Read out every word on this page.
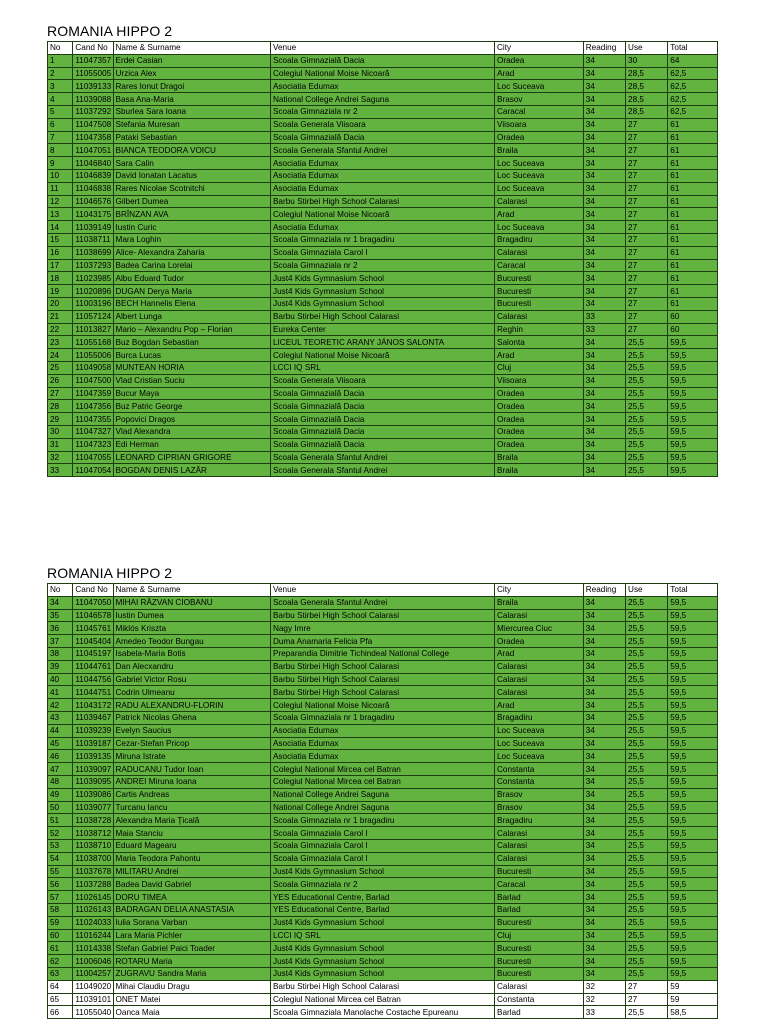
ROMANIA HIPPO 2
No	Cand No	Name & Surname	Venue	City	Reading	Use	Total
1	11047357	Erdei Casian	Scoala Gimnazială Dacia	Oradea	34	30	64
2	11055005	Urzica Alex	Colegiul National Moise Nicoară	Arad	34	28,5	62,5
3	11039133	Rares Ionut Dragoi	Asociatia Edumax	Loc Suceava	34	28,5	62,5
4	11039088	Basa Ana-Maria	National College Andrei Saguna	Brasov	34	28,5	62,5
5	11037292	Sburlea Sara Ioana	Scoala Gimnaziala nr 2	Caracal	34	28,5	62,5
6	11047508	Stefania Muresan	Scoala Generala Viisoara	Viisoara	34	27	61
7	11047358	Pataki Sebastian	Scoala Gimnazială Dacia	Oradea	34	27	61
8	11047051	BIANCA TEODORA VOICU	Scoala Generala Sfantul Andrei	Braila	34	27	61
9	11046840	Sara Calin	Asociatia Edumax	Loc Suceava	34	27	61
10	11046839	David Ionatan Lacatus	Asociatia Edumax	Loc Suceava	34	27	61
11	11046838	Rares Nicolae Scotnitchi	Asociatia Edumax	Loc Suceava	34	27	61
12	11046576	Gilbert Dumea	Barbu Stirbei High School Calarasi	Calarasi	34	27	61
13	11043175	BRÎNZAN AVA	Colegiul National Moise Nicoară	Arad	34	27	61
14	11039149	Iustin Curic	Asociatia Edumax	Loc Suceava	34	27	61
15	11038711	Mara Loghin	Scoala Gimnaziala nr 1 bragadiru	Bragadiru	34	27	61
16	11038699	Alice- Alexandra Zaharia	Scoala Gimnaziala Carol I	Calarasi	34	27	61
17	11037293	Badea Carina Lorelai	Scoala Gimnaziala nr 2	Caracal	34	27	61
18	11023985	Albu Eduard Tudor	Just4 Kids Gymnasium School	Bucuresti	34	27	61
19	11020896	DUGAN Derya Maria	Just4 Kids Gymnasium School	Bucuresti	34	27	61
20	11003196	BECH Hannelis Elena	Just4 Kids Gymnasium School	Bucuresti	34	27	61
21	11057124	Albert Lunga	Barbu Stirbei High School Calarasi	Calarasi	33	27	60
22	11013827	Mario – Alexandru Pop – Florian	Eureka Center	Reghin	33	27	60
23	11055168	Buz Bogdan Sebastian	LICEUL TEORETIC ARANY JÁNOS SALONTA	Salonta	34	25,5	59,5
24	11055006	Burca Lucas	Colegiul National Moise Nicoară	Arad	34	25,5	59,5
25	11049058	MUNTEAN HORIA	LCCI IQ SRL	Cluj	34	25,5	59,5
26	11047500	Vlad Cristian Suciu	Scoala Generala Viisoara	Viisoara	34	25,5	59,5
27	11047359	Bucur Maya	Scoala Gimnazială Dacia	Oradea	34	25,5	59,5
28	11047356	Buz Patric George	Scoala Gimnazială Dacia	Oradea	34	25,5	59,5
29	11047355	Popovici Dragos	Scoala Gimnazială Dacia	Oradea	34	25,5	59,5
30	11047327	Vlad Alexandra	Scoala Gimnazială Dacia	Oradea	34	25,5	59,5
31	11047323	Edi Herman	Scoala Gimnazială Dacia	Oradea	34	25,5	59,5
32	11047055	LEONARD CIPRIAN GRIGORE	Scoala Generala Sfantul Andrei	Braila	34	25,5	59,5
33	11047054	BOGDAN DENIS LAZĂR	Scoala Generala Sfantul Andrei	Braila	34	25,5	59,5
ROMANIA HIPPO 2
No	Cand No	Name & Surname	Venue	City	Reading	Use	Total
34	11047050	MIHAI RĂZVAN CIOBANU	Scoala Generala Sfantul Andrei	Braila	34	25,5	59,5
35	11046578	Iustin Dumea	Barbu Stirbei High School Calarasi	Calarasi	34	25,5	59,5
36	11045761	Miklós Kriszta	Nagy Imre	Miercurea Ciuc	34	25,5	59,5
37	11045404	Amedeo Teodor Bungau	Duma Anamaria Felicia Pfa	Oradea	34	25,5	59,5
38	11045197	Isabela-Maria Botis	Preparandia Dimitrie Tichindeal National College	Arad	34	25,5	59,5
39	11044761	Dan Alecxandru	Barbu Stirbei High School Calarasi	Calarasi	34	25,5	59,5
40	11044756	Gabriel Victor Rosu	Barbu Stirbei High School Calarasi	Calarasi	34	25,5	59,5
41	11044751	Codrin Ulmeanu	Barbu Stirbei High School Calarasi	Calarasi	34	25,5	59,5
42	11043172	RADU ALEXANDRU-FLORIN	Colegiul National Moise Nicoară	Arad	34	25,5	59,5
43	11039467	Patrick Nicolas Ghena	Scoala Gimnaziala nr 1 bragadiru	Bragadiru	34	25,5	59,5
44	11039239	Evelyn Saucius	Asociatia Edumax	Loc Suceava	34	25,5	59,5
45	11039187	Cezar-Stefan Pricop	Asociatia Edumax	Loc Suceava	34	25,5	59,5
46	11039135	Miruna Istrate	Asociatia Edumax	Loc Suceava	34	25,5	59,5
47	11039097	RADUCANU Tudor Ioan	Colegiul National Mircea cel Batran	Constanta	34	25,5	59,5
48	11039095	ANDREI Miruna Ioana	Colegiul National Mircea cel Batran	Constanta	34	25,5	59,5
49	11039086	Cartis Andreas	National College Andrei Saguna	Brasov	34	25,5	59,5
50	11039077	Turcanu Iancu	National College Andrei Saguna	Brasov	34	25,5	59,5
51	11038728	Alexandra Maria Ţicală	Scoala Gimnaziala nr 1 bragadiru	Bragadiru	34	25,5	59,5
52	11038712	Maia Stanciu	Scoala Gimnaziala Carol I	Calarasi	34	25,5	59,5
53	11038710	Eduard Magearu	Scoala Gimnaziala Carol I	Calarasi	34	25,5	59,5
54	11038700	Maria Teodora Pahontu	Scoala Gimnaziala Carol I	Calarasi	34	25,5	59,5
55	11037678	MILITARU Andrei	Just4 Kids Gymnasium School	Bucuresti	34	25,5	59,5
56	11037288	Badea David Gabriel	Scoala Gimnaziala nr 2	Caracal	34	25,5	59,5
57	11026145	DORU TIMEA	YES Educational Centre, Barlad	Barlad	34	25,5	59,5
58	11026143	BADRAGAN DELIA ANASTASIA	YES Educational Centre, Barlad	Barlad	34	25,5	59,5
59	11024033	Iulia Sorana Varban	Just4 Kids Gymnasium School	Bucuresti	34	25,5	59,5
60	11016244	Lara Maria Pichler	LCCI IQ SRL	Cluj	34	25,5	59,5
61	11014338	Stefan Gabriel Paici Toader	Just4 Kids Gymnasium School	Bucuresti	34	25,5	59,5
62	11006046	ROTARU Maria	Just4 Kids Gymnasium School	Bucuresti	34	25,5	59,5
63	11004257	ZUGRAVU Sandra Maria	Just4 Kids Gymnasium School	Bucuresti	34	25,5	59,5
64	11049020	Mihai Claudiu Dragu	Barbu Stirbei High School Calarasi	Calarasi	32	27	59
65	11039101	ONET Matei	Colegiul National Mircea cel Batran	Constanta	32	27	59
66	11055040	Oanca Maia	Scoala Gimnaziala Manolache Costache Epureanu	Barlad	33	25,5	58,5
